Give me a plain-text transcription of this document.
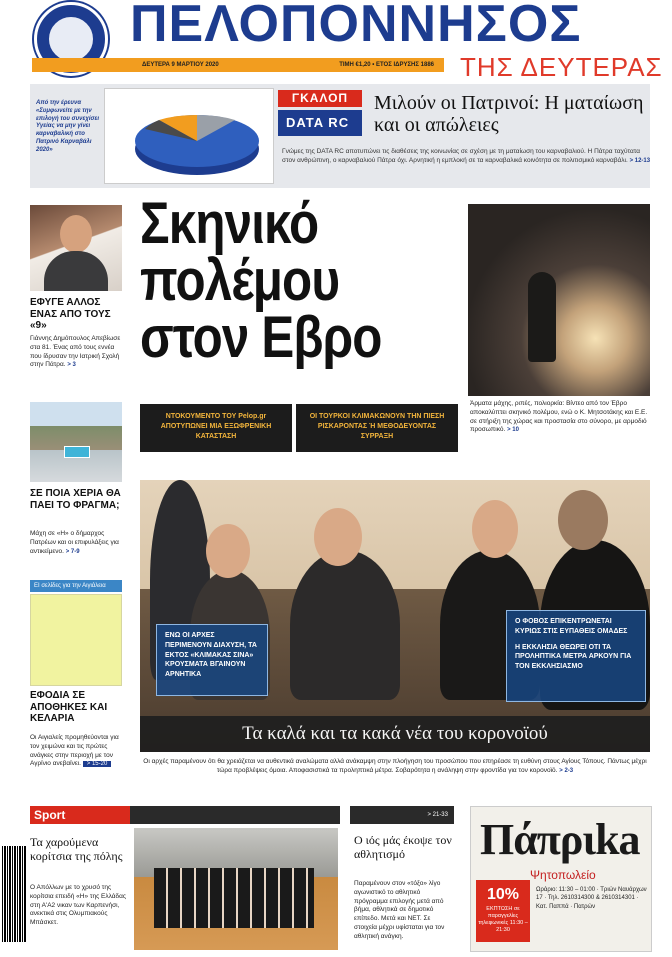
ΠΕΛΟΠΟΝΝΗΣΟΣ
ΔΕΥΤΕΡΑ 9 ΜΑΡΤΙΟΥ 2020	ΤΙΜΗ €1,20 • ΕΤΟΣ ΙΔΡΥΣΗΣ 1886 ΤΗΣ ΔΕΥΤΕΡΑΣ
Από την έρευνα «Συμφωνείτε με την επιλογή του συνεχίσει Υγείας να μην γίνει καρναβαλική στο Πατρινό Καρναβάλι 2020»
ΓΚΑΛΟΠ
DATA RC
Μιλούν οι Πατρινοί: Η ματαίωση και οι απώλειες
Γνώμες της DATA RC αποτυπώνει τις διαθέσεις της κοινωνίας σε σχέση με τη ματαίωση του καρναβαλιού. Η Πάτρα ταχύτατα στον ανθρώπινη, ο καρναβαλιού Πάτρα όχι. Αρνητική η εμπλοκή σε τα καρναβαλικά κοινότητα σε πολιτισμικό καρναβάλι. > 12-13
ΕΦΥΓΕ ΑΛΛΟΣ ΕΝΑΣ ΑΠΟ ΤΟΥΣ «9»
Γιάννης Δημόπουλος Απεβίωσε στα 81. Ένας από τους εννέα που ίδρυσαν την Ιατρική Σχολή στην Πάτρα. > 3
ΣΕ ΠΟΙΑ ΧΕΡΙΑ ΘΑ ΠΑΕΙ ΤΟ ΦΡΑΓΜΑ;
Μάχη σε «Η» ο δήμαρχος Πατρέων και οι επιφυλάξεις για αντικείμενο. > 7-9
ΕΙ σελίδες για την Αιγιάλεια
ΕΦΟΔΙΑ ΣΕ ΑΠΟΘΗΚΕΣ ΚΑΙ ΚΕΛΑΡΙΑ
Οι Αιγιαλείς προμηθεύονται για τον χειμώνα και τις πρώτες ανάγκες στην περιοχή με τον Αγρίνιο ανεβαίνει. > 15-20
Σκηνικό
πολέμου
στον Εβρο
Άρματα μάχης, ριπές, πολιορκία: Βίντεο από τον Έβρο αποκαλύπτει σκηνικό πολέμου, ενώ ο Κ. Μητσοτάκης και Ε.Ε. σε στήριξη της χώρας και προστασία στο σύνορο, με αρμοδιό προσωπικό. > 10
ΝΤΟΚΟΥΜΕΝΤΟ ΤΟΥ Pelop.gr ΑΠΟΤΥΠΩΝΕΙ ΜΙΑ ΕΞΩΦΡΕΝΙΚΗ ΚΑΤΑΣΤΑΣΗ
ΟΙ ΤΟΥΡΚΟΙ ΚΛΙΜΑΚΩΝΟΥΝ ΤΗΝ ΠΙΕΣΗ ΡΙΣΚΑΡΟΝΤΑΣ Ή ΜΕΘΟΔΕΥΟΝΤΑΣ ΣΥΡΡΑΞΗ
ΕΝΩ ΟΙ ΑΡΧΕΣ ΠΕΡΙΜΕΝΟΥΝ ΔΙΑΧΥΣΗ, ΤΑ ΕΚΤΟΣ «ΚΛΙΜΑΚΑΣ ΣΙΝΑ» ΚΡΟΥΣΜΑΤΑ ΒΓΑΙΝΟΥΝ ΑΡΝΗΤΙΚΑ
Ο ΦΟΒΟΣ ΕΠΙΚΕΝΤΡΩΝΕΤΑΙ ΚΥΡΙΩΣ ΣΤΙΣ ΕΥΠΑΘΕΙΣ ΟΜΑΔΕΣ
Η ΕΚΚΛΗΣΙΑ ΘΕΩΡΕΙ ΟΤΙ ΤΑ ΠΡΟΛΗΠΤΙΚΑ ΜΕΤΡΑ ΑΡΚΟΥΝ ΓΙΑ ΤΟΝ ΕΚΚΛΗΣΙΑΣΜΟ
Τα καλά και τα κακά νέα του κορονοϊού
Οι αρχές παραμένουν ότι θα χρειάζεται να αυθεντικά αναλώματα αλλά ανάκαμψη στην πλοήγηση του προσώπου που επηρέασε τη ευθύνη στους Αγίους Τόπους. Πάντως μέχρι τώρα προβλέψεις όμοια. Αποφασιστικά τα προληπτικά μέτρα. Σοβαρότητα η ανάληψη στην φροντίδα για τον κορονοϊό. > 2-3
Sport
Τα χαρούμενα κορίτσια της πόλης
Ο Απόλλων με το χρυσό της κορίτσια επειδή «Η» της Ελλάδας στη Α'Α2 νικαν των Καρπενήσι, ανεκτικά στις Ολυμπιακούς Μπάσκετ.
> 21-33
Ο ιός μάς έκοψε τον αθλητισμό
Παραμένουν στον «τόξο» λίγο αγωνιστικό το αθλητικό πρόγραμμα επιλογής μετά από βήμα, αθλητικά σε δημοτικό επίπεδο. Μετά και ΝΕΤ. Σε στοιχεία μέχρι υφίσταται για τον αθλητική ανάγκη.
Πάπριka
Ψητοπωλείο
10%
ΕΚΠΤΩΣΗ σε παραγγελίες τηλεφωνικές 11:30 – 21:30
Ωράριο: 11:30 – 01:00 · Τριών Ναυάρχων 17 · Τηλ. 2610314300 & 2610314301 · Κατ. Παππά · Πατρών
